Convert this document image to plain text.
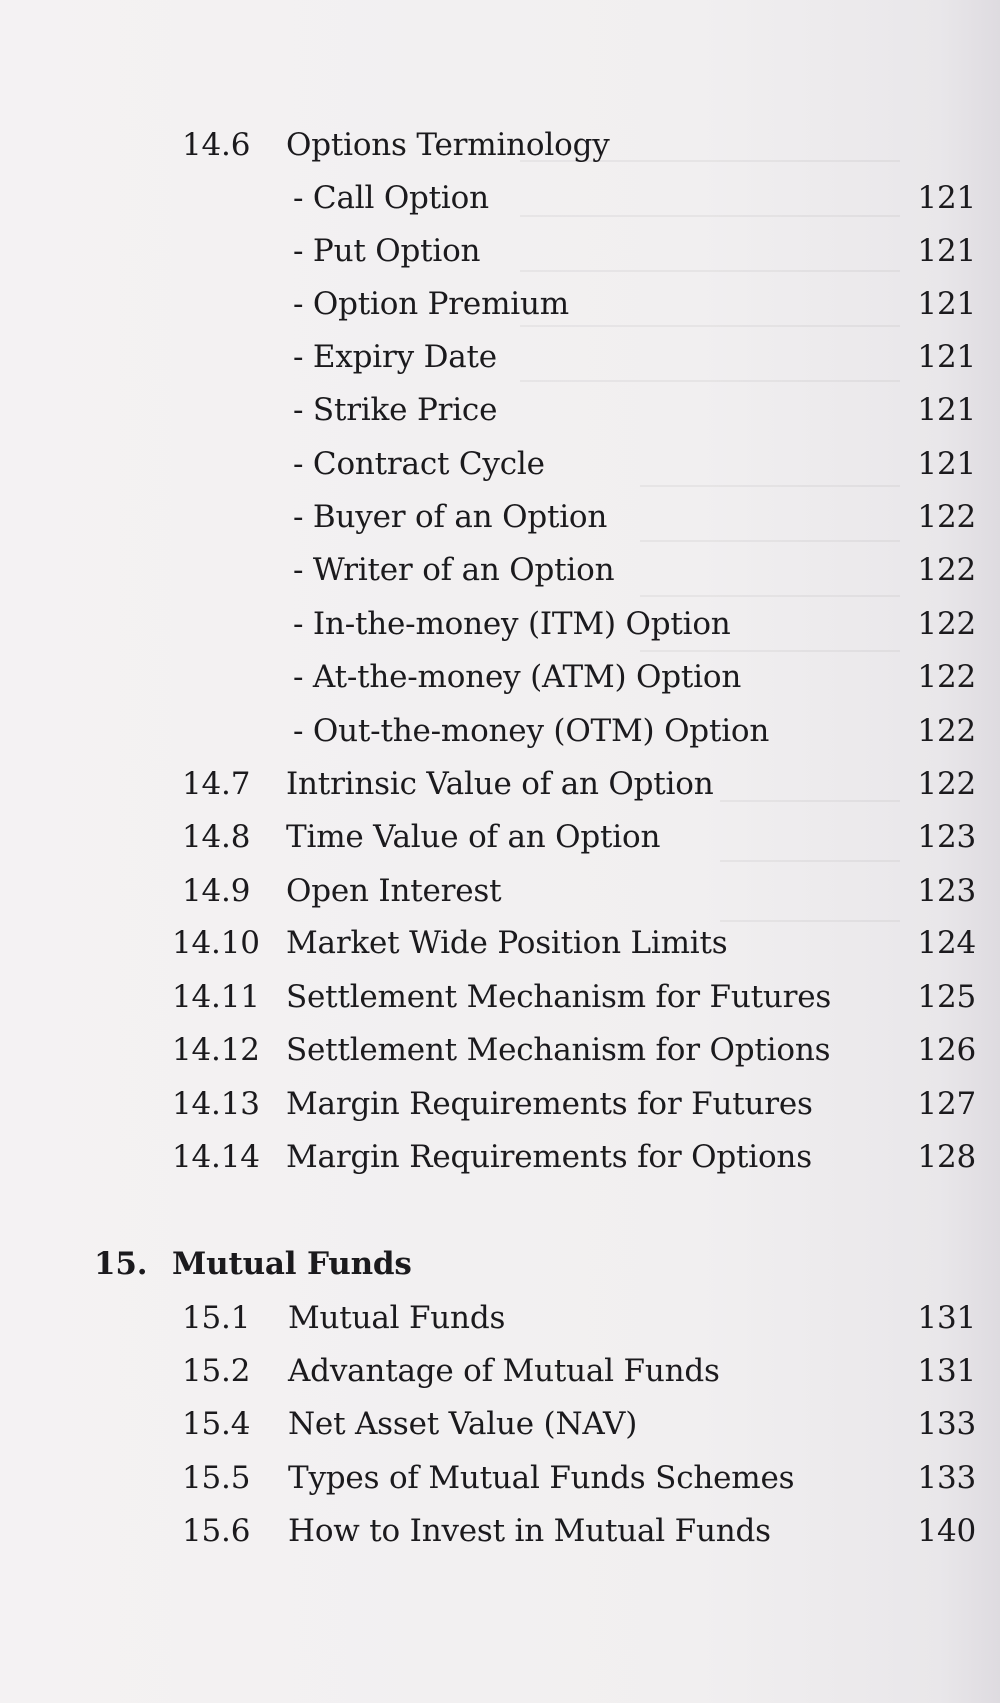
14.6 Options Terminology
- Call Option	121
- Put Option	121
- Option Premium	121
- Expiry Date	121
- Strike Price	121
- Contract Cycle	121
- Buyer of an Option	122
- Writer of an Option	122
- In-the-money (ITM) Option	122
- At-the-money (ATM) Option	122
- Out-the-money (OTM) Option	122
14.7 Intrinsic Value of an Option	122
14.8 Time Value of an Option	123
14.9 Open Interest	123
14.10 Market Wide Position Limits	124
14.11 Settlement Mechanism for Futures	125
14.12 Settlement Mechanism for Options	126
14.13 Margin Requirements for Futures	127
14.14 Margin Requirements for Options	128
15. Mutual Funds
15.1 Mutual Funds	131
15.2 Advantage of Mutual Funds	131
15.4 Net Asset Value (NAV)	133
15.5 Types of Mutual Funds Schemes	133
15.6 How to Invest in Mutual Funds	140
